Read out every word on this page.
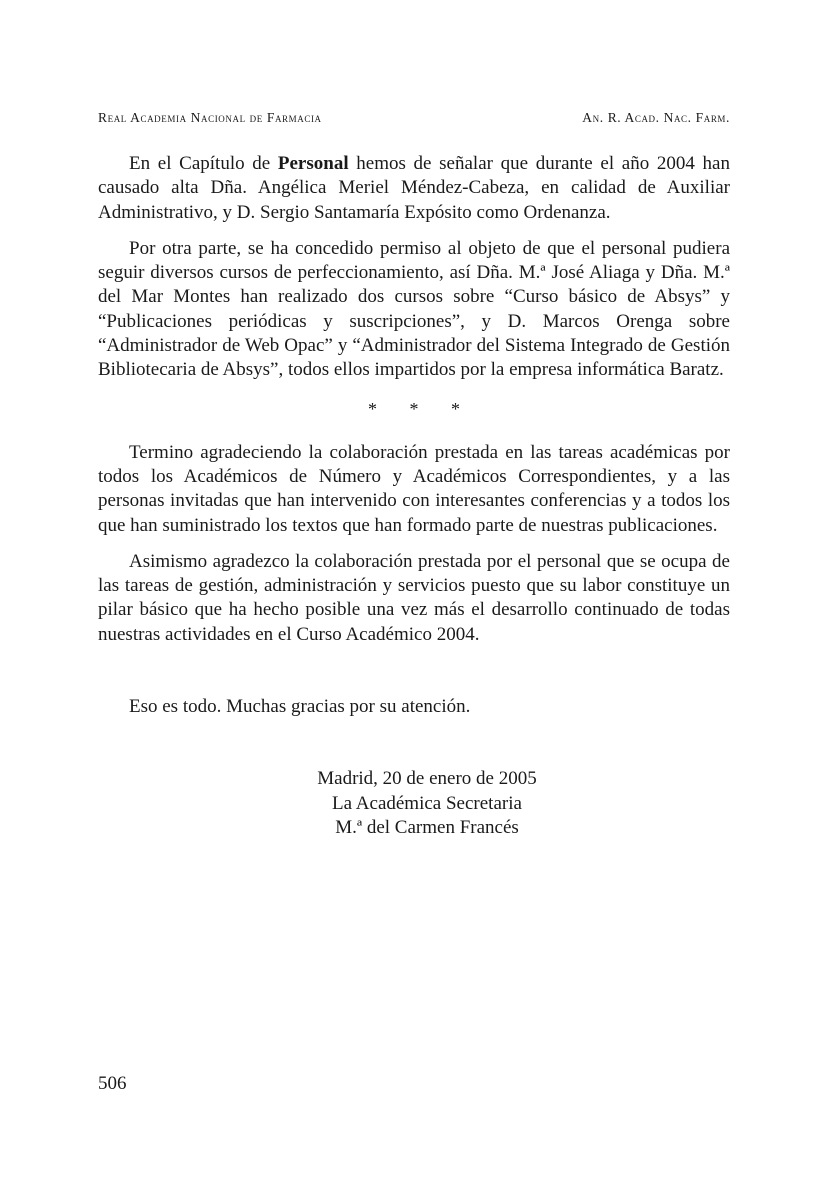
Real Academia Nacional de Farmacia	An. R. Acad. Nac. Farm.

En el Capítulo de Personal hemos de señalar que durante el año 2004 han causado alta Dña. Angélica Meriel Méndez-Cabeza, en calidad de Auxiliar Administrativo, y D. Sergio Santamaría Expósito como Ordenanza.

Por otra parte, se ha concedido permiso al objeto de que el personal pudiera seguir diversos cursos de perfeccionamiento, así Dña. M.ª José Aliaga y Dña. M.ª del Mar Montes han realizado dos cursos sobre “Curso básico de Absys” y “Publicaciones periódicas y suscripciones”, y D. Marcos Orenga sobre “Administrador de Web Opac” y “Administrador del Sistema Integrado de Gestión Bibliotecaria de Absys”, todos ellos impartidos por la empresa informática Baratz.

* * *

Termino agradeciendo la colaboración prestada en las tareas académicas por todos los Académicos de Número y Académicos Correspondientes, y a las personas invitadas que han intervenido con interesantes conferencias y a todos los que han suministrado los textos que han formado parte de nuestras publicaciones.

Asimismo agradezco la colaboración prestada por el personal que se ocupa de las tareas de gestión, administración y servicios puesto que su labor constituye un pilar básico que ha hecho posible una vez más el desarrollo continuado de todas nuestras actividades en el Curso Académico 2004.

Eso es todo. Muchas gracias por su atención.

Madrid, 20 de enero de 2005
La Académica Secretaria
M.ª del Carmen Francés
506
